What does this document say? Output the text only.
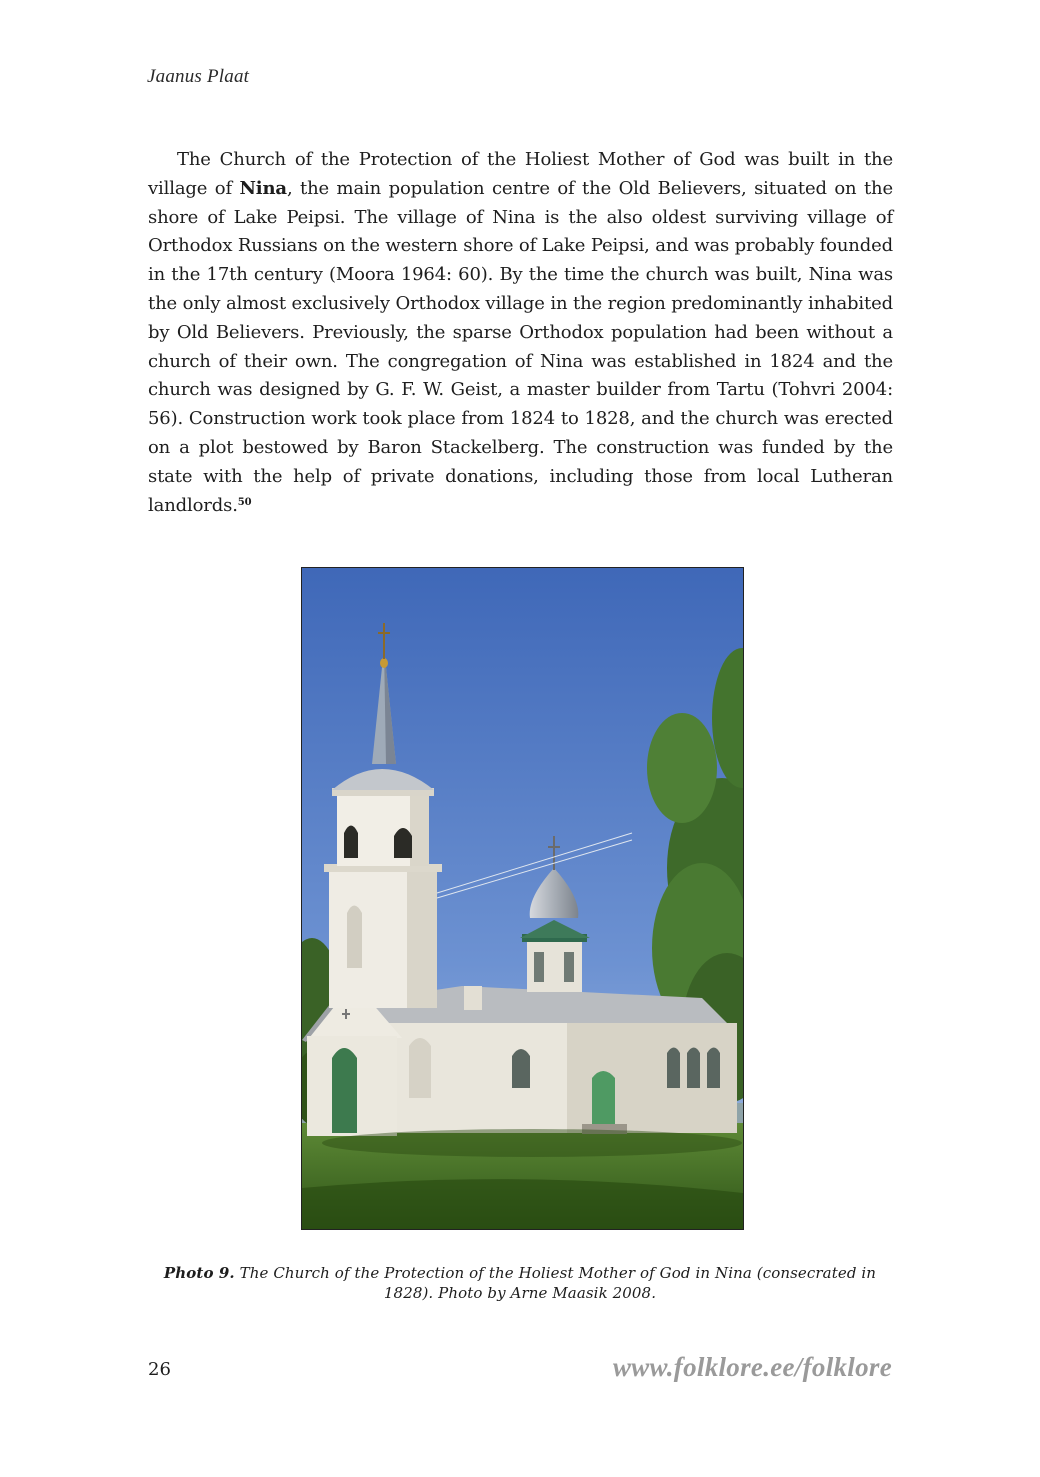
Jaanus Plaat

The Church of the Protection of the Holiest Mother of God was built in the village of Nina, the main population centre of the Old Believers, situated on the shore of Lake Peipsi. The village of Nina is the also oldest surviving village of Orthodox Russians on the western shore of Lake Peipsi, and was probably founded in the 17th century (Moora 1964: 60). By the time the church was built, Nina was the only almost exclusively Orthodox village in the region predominantly inhabited by Old Believers. Previously, the sparse Orthodox population had been without a church of their own. The congregation of Nina was established in 1824 and the church was designed by G. F. W. Geist, a master builder from Tartu (Tohvri 2004: 56). Construction work took place from 1824 to 1828, and the church was erected on a plot bestowed by Baron Stackelberg. The construction was funded by the state with the help of private donations, including those from local Lutheran landlords.$^{50}$

Photo 9. The Church of the Protection of the Holiest Mother of God in Nina (consecrated in 1828). Photo by Arne Maasik 2008.
26	www.folklore.ee/folklore
